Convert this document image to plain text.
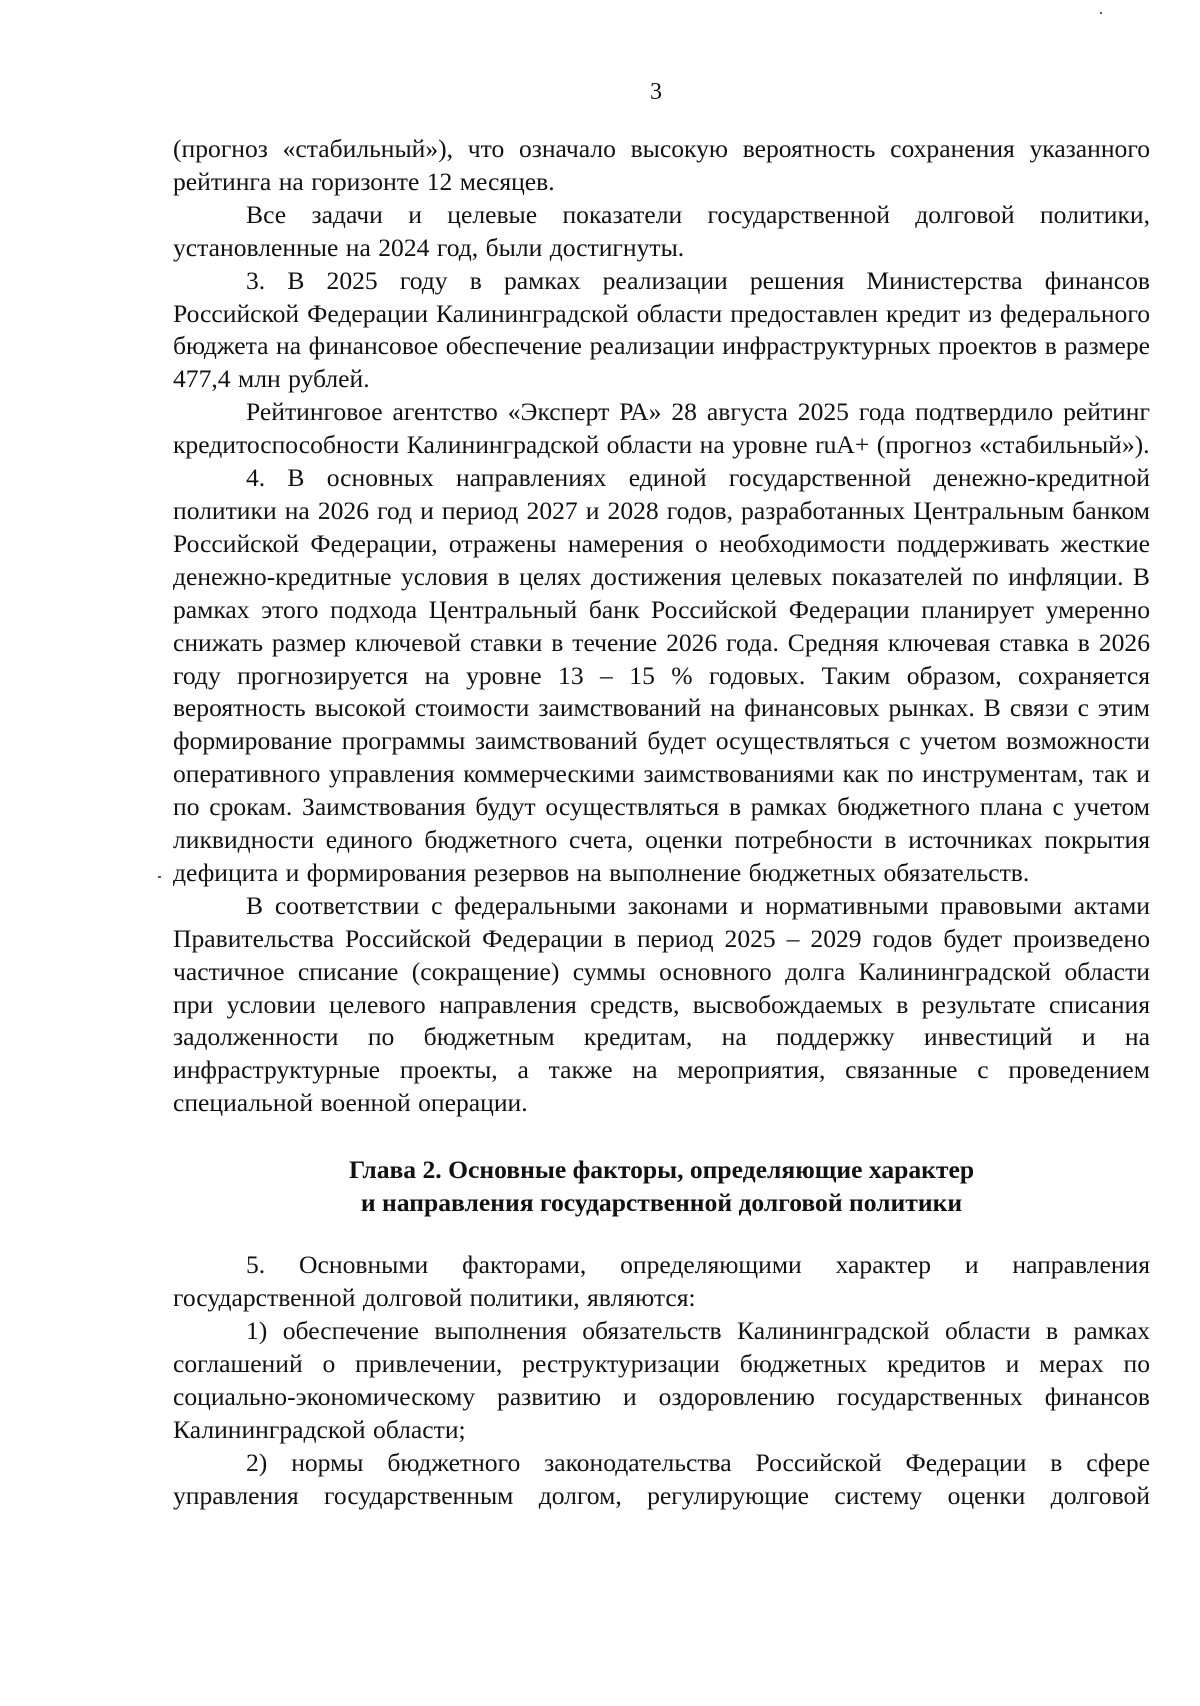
3

(прогноз «стабильный»), что означало высокую вероятность сохранения указанного рейтинга на горизонте 12 месяцев.

Все задачи и целевые показатели государственной долговой политики, установленные на 2024 год, были достигнуты.

3. В 2025 году в рамках реализации решения Министерства финансов Российской Федерации Калининградской области предоставлен кредит из федерального бюджета на финансовое обеспечение реализации инфраструктурных проектов в размере 477,4 млн рублей.

Рейтинговое агентство «Эксперт РА» 28 августа 2025 года подтвердило рейтинг кредитоспособности Калининградской области на уровне ruA+ (прогноз «стабильный»).

4. В основных направлениях единой государственной денежно-кредитной политики на 2026 год и период 2027 и 2028 годов, разработанных Центральным банком Российской Федерации, отражены намерения о необходимости поддерживать жесткие денежно-кредитные условия в целях достижения целевых показателей по инфляции. В рамках этого подхода Центральный банк Российской Федерации планирует умеренно снижать размер ключевой ставки в течение 2026 года. Средняя ключевая ставка в 2026 году прогнозируется на уровне 13 – 15 % годовых. Таким образом, сохраняется вероятность высокой стоимости заимствований на финансовых рынках. В связи с этим формирование программы заимствований будет осуществляться с учетом возможности оперативного управления коммерческими заимствованиями как по инструментам, так и по срокам. Заимствования будут осуществляться в рамках бюджетного плана с учетом ликвидности единого бюджетного счета, оценки потребности в источниках покрытия дефицита и формирования резервов на выполнение бюджетных обязательств.

В соответствии с федеральными законами и нормативными правовыми актами Правительства Российской Федерации в период 2025 – 2029 годов будет произведено частичное списание (сокращение) суммы основного долга Калининградской области при условии целевого направления средств, высвобождаемых в результате списания задолженности по бюджетным кредитам, на поддержку инвестиций и на инфраструктурные проекты, а также на мероприятия, связанные с проведением специальной военной операции.

Глава 2. Основные факторы, определяющие характер
и направления государственной долговой политики

5. Основными факторами, определяющими характер и направления государственной долговой политики, являются:

1) обеспечение выполнения обязательств Калининградской области в рамках соглашений о привлечении, реструктуризации бюджетных кредитов и мерах по социально-экономическому развитию и оздоровлению государственных финансов Калининградской области;

2) нормы бюджетного законодательства Российской Федерации в сфере управления государственным долгом, регулирующие систему оценки долговой
